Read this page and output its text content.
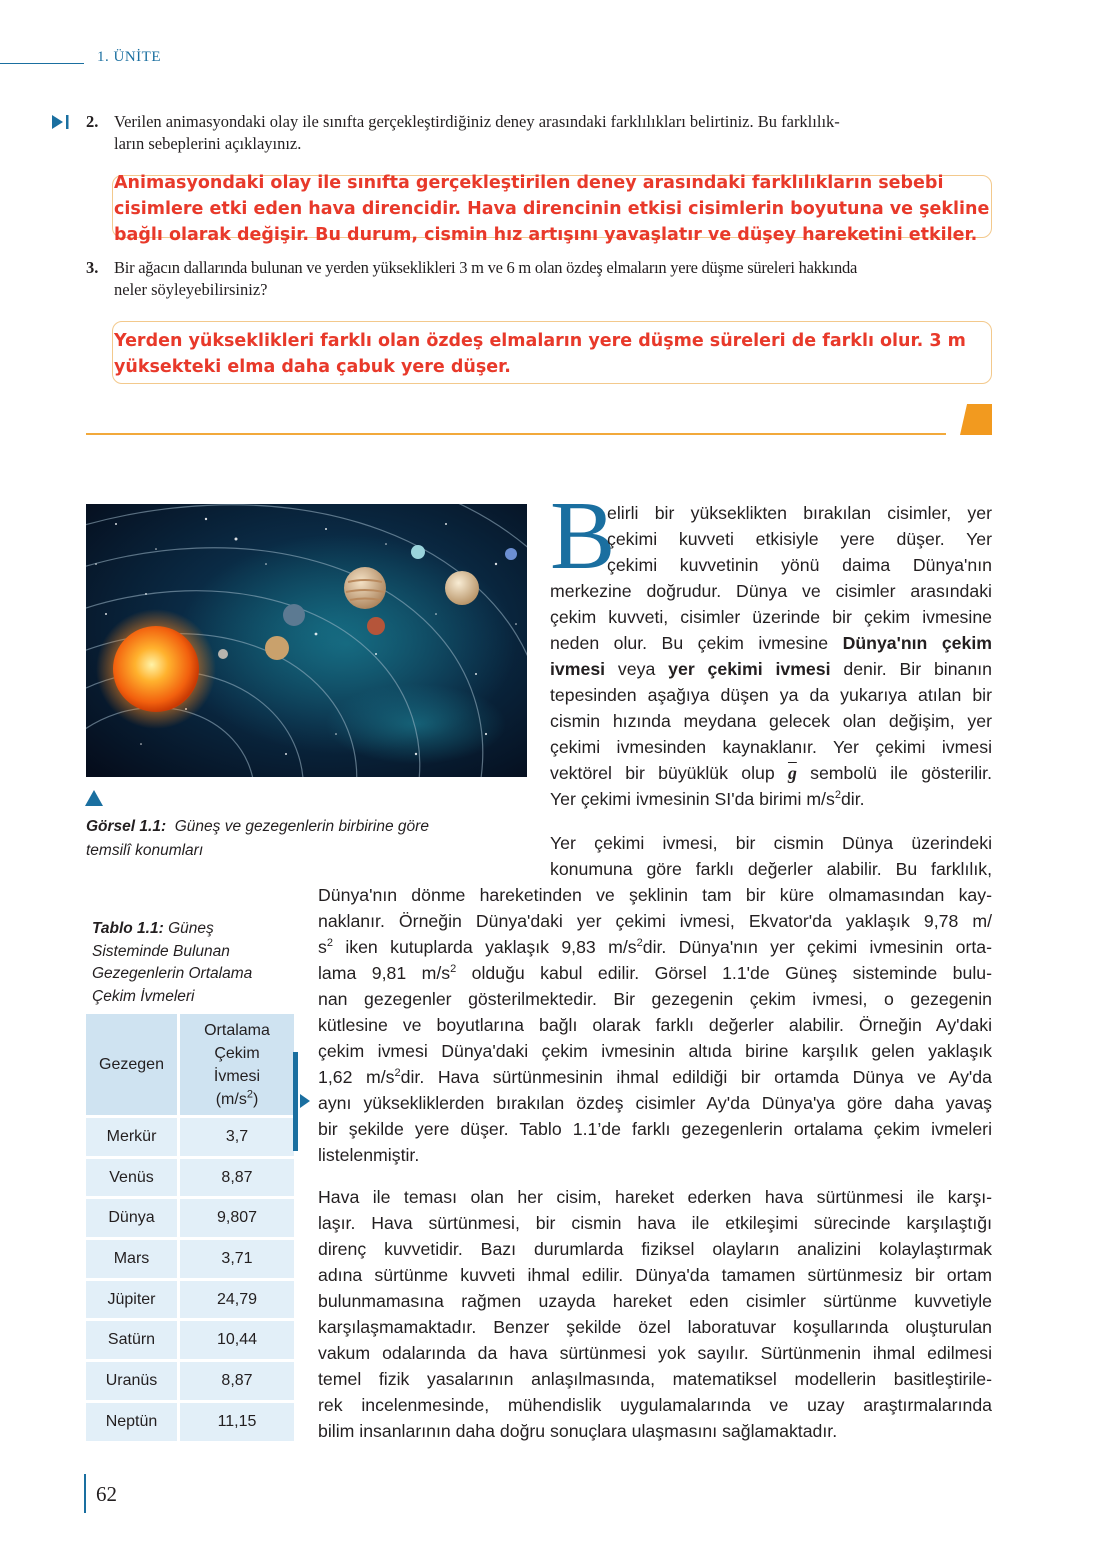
1. ÜNİTE
2. Verilen animasyondaki olay ile sınıfta gerçekleştirdiğiniz deney arasındaki farklılıkları belirtiniz. Bu farklılık-
ların sebeplerini açıklayınız.
Animasyondaki olay ile sınıfta gerçekleştirilen deney arasındaki farklılıkların sebebi
cisimlere etki eden hava direncidir. Hava direncinin etkisi cisimlerin boyutuna ve şekline
bağlı olarak değişir. Bu durum, cismin hız artışını yavaşlatır ve düşey hareketini etkiler.
3. Bir ağacın dallarında bulunan ve yerden yükseklikleri 3 m ve 6 m olan özdeş elmaların yere düşme süreleri hakkında
neler söyleyebilirsiniz?
Yerden yükseklikleri farklı olan özdeş elmaların yere düşme süreleri de farklı olur. 3 m
yüksekteki elma daha çabuk yere düşer.
Görsel 1.1: Güneş ve gezegenlerin birbirine göre
temsilî konumları
Tablo 1.1: Güneş
Sisteminde Bulunan
Gezegenlerin Ortalama
Çekim İvmeleri
Gezegen	Ortalama
Çekim
İvmesi
$(m/s^2)$
Merkür	3,7
Venüs	8,87
Dünya	9,807
Mars	3,71
Jüpiter	24,79
Satürn	10,44
Uranüs	8,87
Neptün	11,15
B
elirli bir yükseklikten bırakılan cisimler, yer
çekimi kuvveti etkisiyle yere düşer. Yer
çekimi kuvvetinin yönü daima Dünya'nın
merkezine doğrudur. Dünya ve cisimler arasındaki
çekim kuvveti, cisimler üzerinde bir çekim ivmesine
neden olur. Bu çekim ivmesine Dünya'nın çekim
ivmesi veya yer çekimi ivmesi denir. Bir binanın
tepesinden aşağıya düşen ya da yukarıya atılan bir
cismin hızında meydana gelecek olan değişim, yer
çekimi ivmesinden kaynaklanır. Yer çekimi ivmesi
vektörel bir büyüklük olup $\overline{g}$ sembolü ile gösterilir.
Yer çekimi ivmesinin SI'da birimi $m/s^2dir$.
Yer çekimi ivmesi, bir cismin Dünya üzerindeki
konumuna göre farklı değerler alabilir. Bu farklılık,
Dünya'nın dönme hareketinden ve şeklinin tam bir küre olmamasından kay-
naklanır. Örneğin Dünya'daki yer çekimi ivmesi, Ekvator'da yaklaşık 9,78 m/
$s^2$ iken kutuplarda yaklaşık 9,83 $m/s^2dir$. Dünya'nın yer çekimi ivmesinin orta-
lama 9,81 $m/s^2$ olduğu kabul edilir. Görsel 1.1'de Güneş sisteminde bulu-
nan gezegenler gösterilmektedir. Bir gezegenin çekim ivmesi, o gezegenin
kütlesine ve boyutlarına bağlı olarak farklı değerler alabilir. Örneğin Ay'daki
çekim ivmesi Dünya'daki çekim ivmesinin altıda birine karşılık gelen yaklaşık
1,62 $m/s^2dir$. Hava sürtünmesinin ihmal edildiği bir ortamda Dünya ve Ay'da
aynı yüksekliklerden bırakılan özdeş cisimler Ay'da Dünya'ya göre daha yavaş
bir şekilde yere düşer. Tablo 1.1’de farklı gezegenlerin ortalama çekim ivmeleri
listelenmiştir.
Hava ile teması olan her cisim, hareket ederken hava sürtünmesi ile karşı-
laşır. Hava sürtünmesi, bir cismin hava ile etkileşimi sürecinde karşılaştığı
direnç kuvvetidir. Bazı durumlarda fiziksel olayların analizini kolaylaştırmak
adına sürtünme kuvveti ihmal edilir. Dünya'da tamamen sürtünmesiz bir ortam
bulunmamasına rağmen uzayda hareket eden cisimler sürtünme kuvvetiyle
karşılaşmamaktadır. Benzer şekilde özel laboratuvar koşullarında oluşturulan
vakum odalarında da hava sürtünmesi yok sayılır. Sürtünmenin ihmal edilmesi
temel fizik yasalarının anlaşılmasında, matematiksel modellerin basitleştirile-
rek incelenmesinde, mühendislik uygulamalarında ve uzay araştırmalarında
bilim insanlarının daha doğru sonuçlara ulaşmasını sağlamaktadır.
62
